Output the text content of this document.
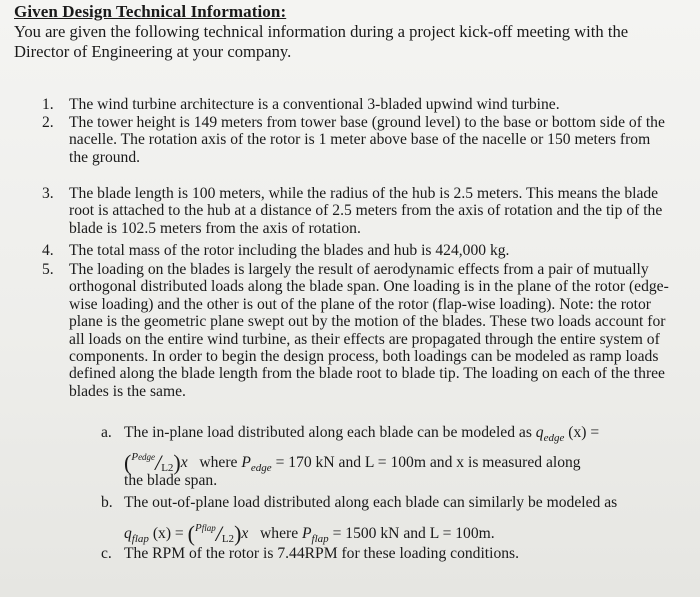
Given Design Technical Information:
You are given the following technical information during a project kick-off meeting with the Director of Engineering at your company.
1. The wind turbine architecture is a conventional 3-bladed upwind wind turbine.
2. The tower height is 149 meters from tower base (ground level) to the base or bottom side of the nacelle. The rotation axis of the rotor is 1 meter above base of the nacelle or 150 meters from the ground.
3. The blade length is 100 meters, while the radius of the hub is 2.5 meters. This means the blade root is attached to the hub at a distance of 2.5 meters from the axis of rotation and the tip of the blade is 102.5 meters from the axis of rotation.
4. The total mass of the rotor including the blades and hub is 424,000 kg.
5. The loading on the blades is largely the result of aerodynamic effects from a pair of mutually orthogonal distributed loads along the blade span. One loading is in the plane of the rotor (edge-wise loading) and the other is out of the plane of the rotor (flap-wise loading). Note: the rotor plane is the geometric plane swept out by the motion of the blades. These two loads account for all loads on the entire wind turbine, as their effects are propagated through the entire system of components. In order to begin the design process, both loadings can be modeled as ramp loads defined along the blade length from the blade root to blade tip. The loading on each of the three blades is the same.
a. The in-plane load distributed along each blade can be modeled as $q_{edge}$ (x) =
$(^{Pedge}/_{L2})x$ where $P_{edge} = 170$ kN and L = 100m and x is measured along
the blade span.
b. The out-of-plane load distributed along each blade can similarly be modeled as
$q_{flap}$ $(x) = (^{Pflap}/_{L2})x$ where $P_{flap} = 1500$ kN and L = 100m.
c. The RPM of the rotor is 7.44RPM for these loading conditions.
